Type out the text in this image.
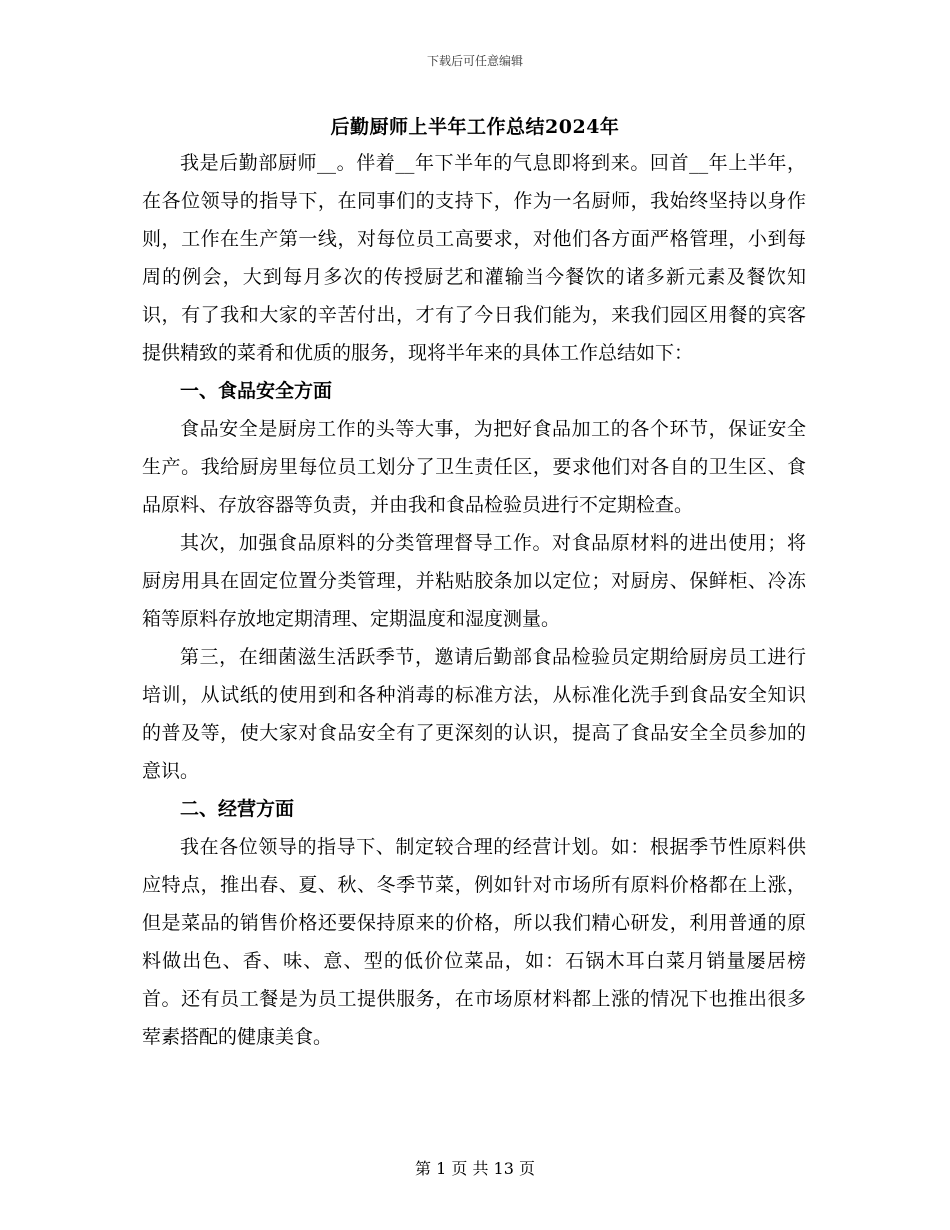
下载后可任意编辑
后勤厨师上半年工作总结2024年

我是后勤部厨师__。伴着__年下半年的气息即将到来。回首__年上半年，在各位领导的指导下，在同事们的支持下，作为一名厨师，我始终坚持以身作则，工作在生产第一线，对每位员工高要求，对他们各方面严格管理，小到每周的例会，大到每月多次的传授厨艺和灌输当今餐饮的诸多新元素及餐饮知识，有了我和大家的辛苦付出，才有了今日我们能为，来我们园区用餐的宾客提供精致的菜肴和优质的服务，现将半年来的具体工作总结如下：

一、食品安全方面

食品安全是厨房工作的头等大事，为把好食品加工的各个环节，保证安全生产。我给厨房里每位员工划分了卫生责任区，要求他们对各自的卫生区、食品原料、存放容器等负责，并由我和食品检验员进行不定期检查。

其次，加强食品原料的分类管理督导工作。对食品原材料的进出使用；将厨房用具在固定位置分类管理，并粘贴胶条加以定位；对厨房、保鲜柜、冷冻箱等原料存放地定期清理、定期温度和湿度测量。

第三，在细菌滋生活跃季节，邀请后勤部食品检验员定期给厨房员工进行培训，从试纸的使用到和各种消毒的标准方法，从标准化洗手到食品安全知识的普及等，使大家对食品安全有了更深刻的认识，提高了食品安全全员参加的意识。

二、经营方面

我在各位领导的指导下、制定较合理的经营计划。如：根据季节性原料供应特点，推出春、夏、秋、冬季节菜，例如针对市场所有原料价格都在上涨，但是菜品的销售价格还要保持原来的价格，所以我们精心研发，利用普通的原料做出色、香、味、意、型的低价位菜品，如：石锅木耳白菜月销量屡居榜首。还有员工餐是为员工提供服务，在市场原材料都上涨的情况下也推出很多荤素搭配的健康美食。

第 1 页 共 13 页
